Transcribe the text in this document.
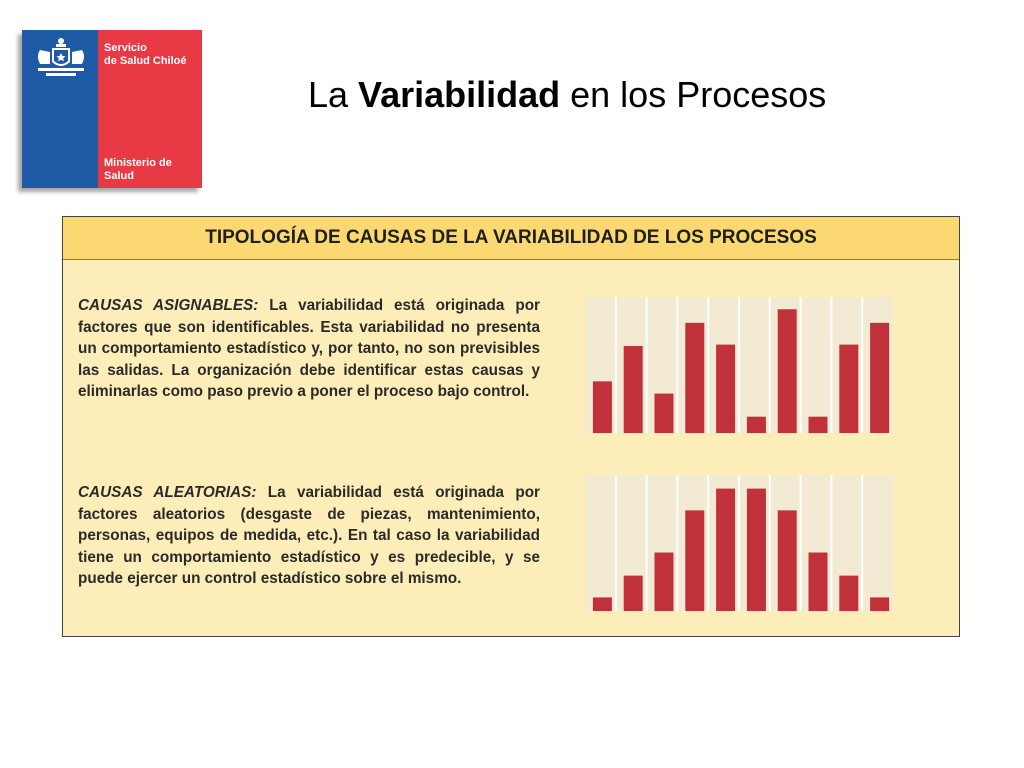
Servicio
de Salud Chiloé
Ministerio de
Salud
La Variabilidad en los Procesos
TIPOLOGÍA DE CAUSAS DE LA VARIABILIDAD DE LOS PROCESOS
CAUSAS ASIGNABLES: La variabilidad está originada por factores que son identificables. Esta variabilidad no presenta un comportamiento estadístico y, por tanto, no son previsibles las salidas. La organización debe identificar estas causas y eliminarlas como paso previo a poner el proceso bajo control.
CAUSAS ALEATORIAS: La variabilidad está originada por factores aleatorios (desgaste de piezas, mantenimiento, personas, equipos de medida, etc.). En tal caso la variabilidad tiene un comportamiento estadístico y es predecible, y se puede ejercer un control estadístico sobre el mismo.
